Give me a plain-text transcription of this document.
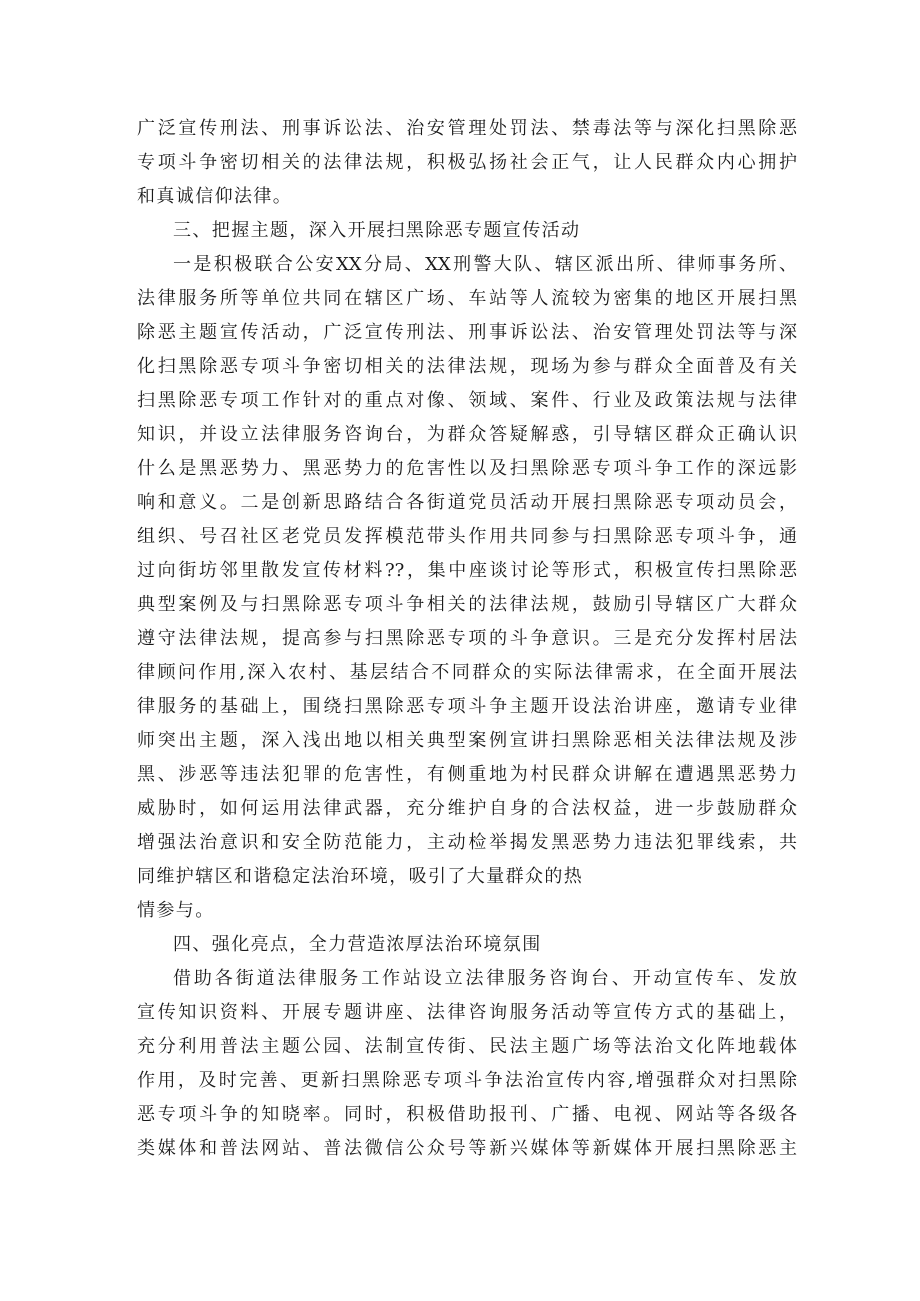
广泛宣传刑法、刑事诉讼法、治安管理处罚法、禁毒法等与深化扫黑除恶
专项斗争密切相关的法律法规，积极弘扬社会正气，让人民群众内心拥护
和真诚信仰法律。
三、把握主题，深入开展扫黑除恶专题宣传活动
一是积极联合公安XX分局、XX刑警大队、辖区派出所、律师事务所、
法律服务所等单位共同在辖区广场、车站等人流较为密集的地区开展扫黑
除恶主题宣传活动，广泛宣传刑法、刑事诉讼法、治安管理处罚法等与深
化扫黑除恶专项斗争密切相关的法律法规，现场为参与群众全面普及有关
扫黑除恶专项工作针对的重点对像、领域、案件、行业及政策法规与法律
知识，并设立法律服务咨询台，为群众答疑解惑，引导辖区群众正确认识
什么是黑恶势力、黑恶势力的危害性以及扫黑除恶专项斗争工作的深远影
响和意义。二是创新思路结合各街道党员活动开展扫黑除恶专项动员会，
组织、号召社区老党员发挥模范带头作用共同参与扫黑除恶专项斗争，通
过向街坊邻里散发宣传材料??，集中座谈讨论等形式，积极宣传扫黑除恶
典型案例及与扫黑除恶专项斗争相关的法律法规，鼓励引导辖区广大群众
遵守法律法规，提高参与扫黑除恶专项的斗争意识。三是充分发挥村居法
律顾问作用,深入农村、基层结合不同群众的实际法律需求，在全面开展法
律服务的基础上，围绕扫黑除恶专项斗争主题开设法治讲座，邀请专业律
师突出主题，深入浅出地以相关典型案例宣讲扫黑除恶相关法律法规及涉
黑、涉恶等违法犯罪的危害性，有侧重地为村民群众讲解在遭遇黑恶势力
威胁时，如何运用法律武器，充分维护自身的合法权益，进一步鼓励群众
增强法治意识和安全防范能力，主动检举揭发黑恶势力违法犯罪线索，共
同维护辖区和谐稳定法治环境，吸引了大量群众的热
情参与。
四、强化亮点，全力营造浓厚法治环境氛围
借助各街道法律服务工作站设立法律服务咨询台、开动宣传车、发放
宣传知识资料、开展专题讲座、法律咨询服务活动等宣传方式的基础上，
充分利用普法主题公园、法制宣传街、民法主题广场等法治文化阵地载体
作用，及时完善、更新扫黑除恶专项斗争法治宣传内容,增强群众对扫黑除
恶专项斗争的知晓率。同时，积极借助报刊、广播、电视、网站等各级各
类媒体和普法网站、普法微信公众号等新兴媒体等新媒体开展扫黑除恶主
